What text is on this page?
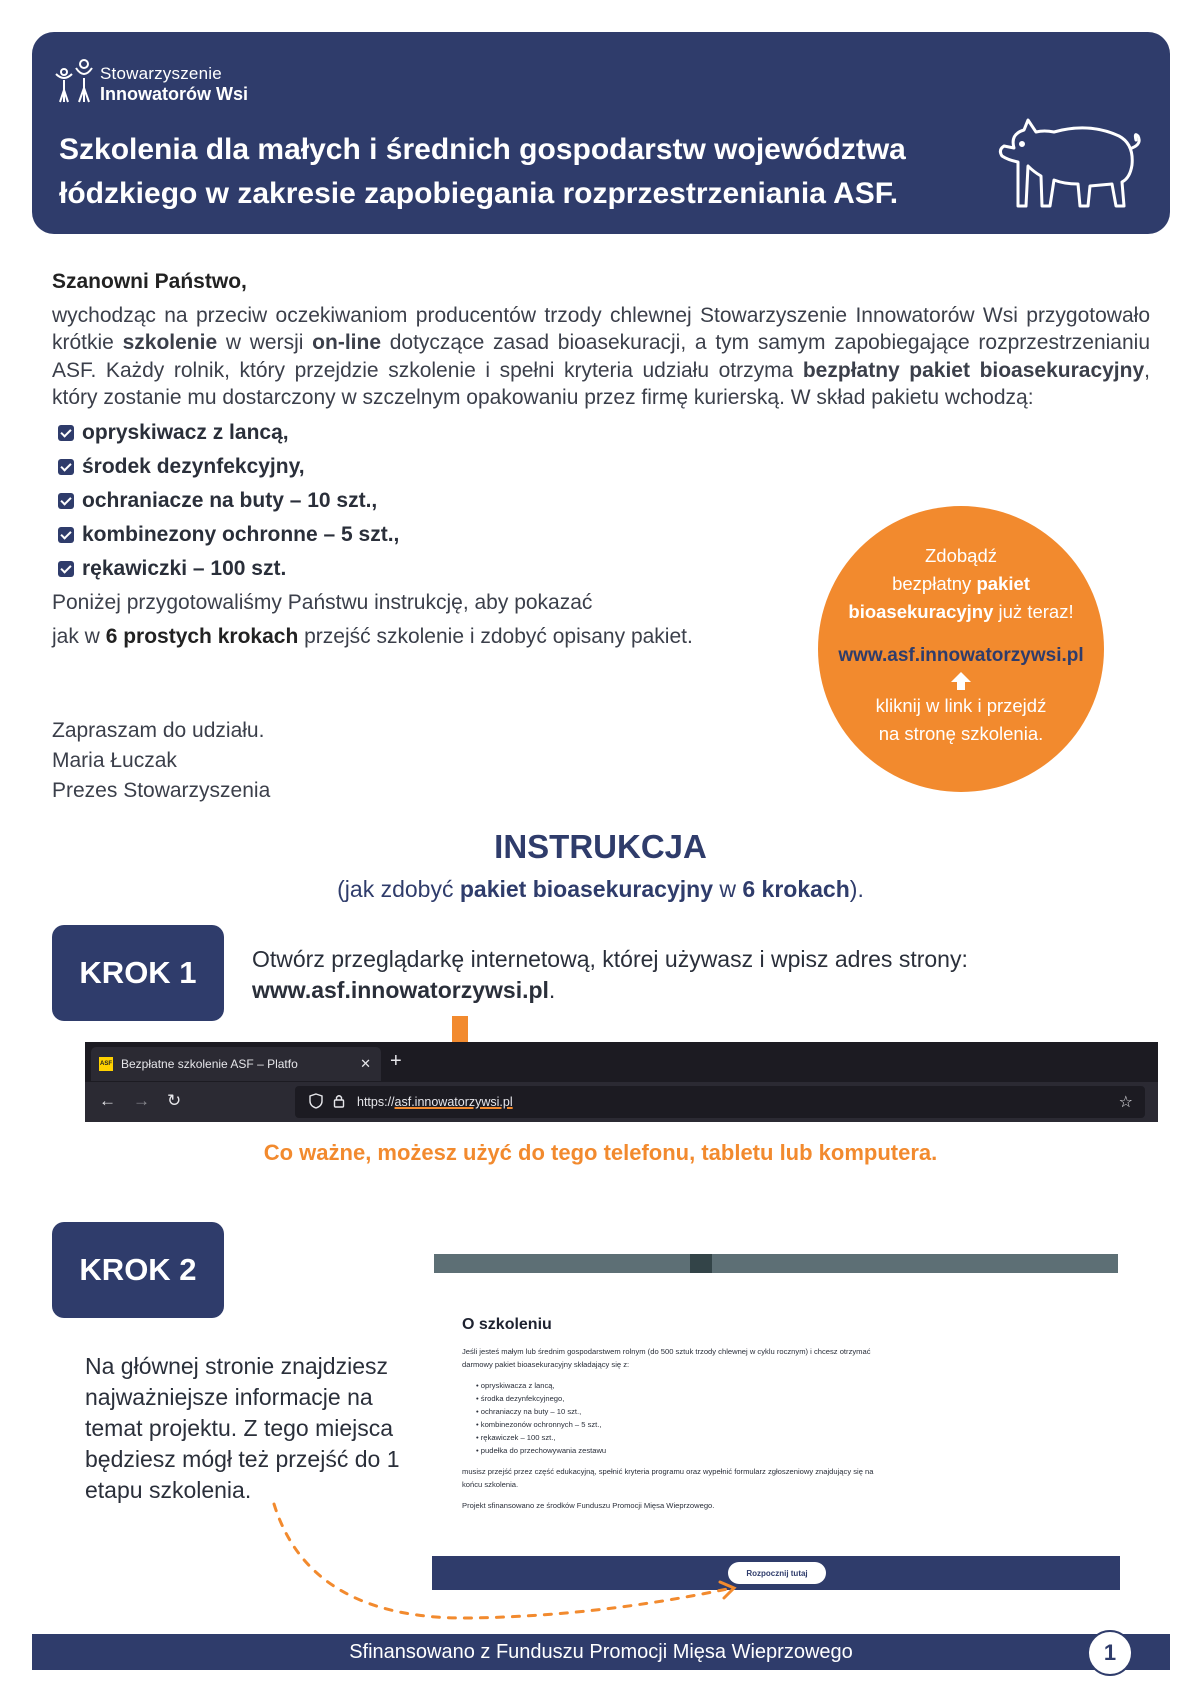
Stowarzyszenie
Innowatorów Wsi
Szkolenia dla małych i średnich gospodarstw województwa
łódzkiego w zakresie zapobiegania rozprzestrzeniania ASF.
Szanowni Państwo,

wychodząc na przeciw oczekiwaniom producentów trzody chlewnej Stowarzyszenie Innowatorów Wsi przygotowało krótkie szkolenie w wersji on-line dotyczące zasad bioasekuracji, a tym samym zapobiegające rozprzestrzenianiu ASF. Każdy rolnik, który przejdzie szkolenie i spełni kryteria udziału otrzyma bezpłatny pakiet bioasekuracyjny, który zostanie mu dostarczony w szczelnym opakowaniu przez firmę kurierską. W skład pakietu wchodzą:

opryskiwacz z lancą,
środek dezynfekcyjny,
ochraniacze na buty – 10 szt.,
kombinezony ochronne – 5 szt.,
rękawiczki – 100 szt.
Poniżej przygotowaliśmy Państwu instrukcję, aby pokazać
jak w 6 prostych krokach przejść szkolenie i zdobyć opisany pakiet.
Zapraszam do udziału.
Maria Łuczak
Prezes Stowarzyszenia
Zdobądź
bezpłatny pakiet
bioasekuracyjny już teraz!
www.asf.innowatorzywsi.pl
kliknij w link i przejdź
na stronę szkolenia.
INSTRUKCJA
(jak zdobyć pakiet bioasekuracyjny w 6 krokach).
KROK 1	Otwórz przeglądarkę internetową, której używasz i wpisz adres strony:
www.asf.innowatorzywsi.pl.
ASF Bezpłatne szkolenie ASF – Platfo	✕ +
← → ↻	https://asf.innowatorzywsi.pl	☆
Co ważne, możesz użyć do tego telefonu, tabletu lub komputera.
KROK 2
Na głównej stronie znajdziesz najważniejsze informacje na temat projektu. Z tego miejsca będziesz mógł też przejść do 1 etapu szkolenia.
O szkoleniu

Jeśli jesteś małym lub średnim gospodarstwem rolnym (do 500 sztuk trzody chlewnej w cyklu rocznym) i chcesz otrzymać darmowy pakiet bioasekuracyjny składający się z:

• opryskiwacza z lancą,
• środka dezynfekcyjnego,
• ochraniaczy na buty – 10 szt.,
• kombinezonów ochronnych – 5 szt.,
• rękawiczek – 100 szt.,
• pudełka do przechowywania zestawu

musisz przejść przez część edukacyjną, spełnić kryteria programu oraz wypełnić formularz zgłoszeniowy znajdujący się na końcu szkolenia.

Projekt sfinansowano ze środków Funduszu Promocji Mięsa Wieprzowego.

Rozpocznij tutaj
Sfinansowano z Funduszu Promocji Mięsa Wieprzowego	1
